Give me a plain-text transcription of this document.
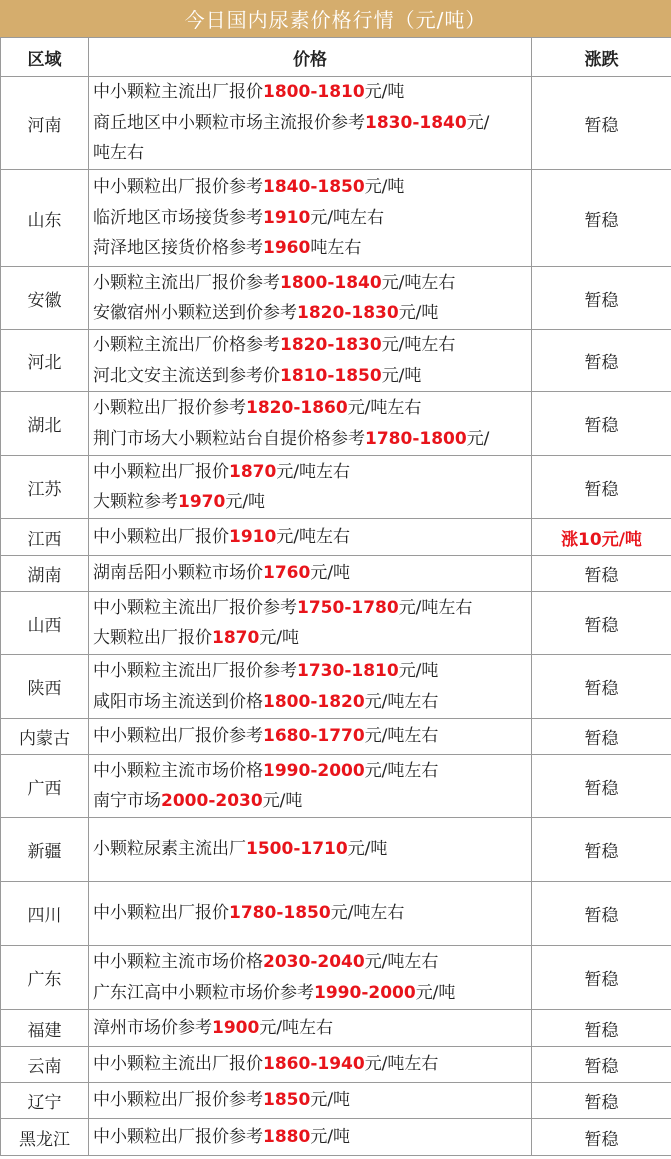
今日国内尿素价格行情（元/吨）
区域	价格	涨跌
河南	中小颗粒主流出厂报价1800-1810元/吨
商丘地区中小颗粒市场主流报价参考1830-1840元/
吨左右	暂稳
山东	中小颗粒出厂报价参考1840-1850元/吨
临沂地区市场接货参考1910元/吨左右
菏泽地区接货价格参考1960吨左右	暂稳
安徽	小颗粒主流出厂报价参考1800-1840元/吨左右
安徽宿州小颗粒送到价参考1820-1830元/吨	暂稳
河北	小颗粒主流出厂价格参考1820-1830元/吨左右
河北文安主流送到参考价1810-1850元/吨	暂稳
湖北	小颗粒出厂报价参考1820-1860元/吨左右
荆门市场大小颗粒站台自提价格参考1780-1800元/	暂稳
江苏	中小颗粒出厂报价1870元/吨左右
大颗粒参考1970元/吨	暂稳
江西	中小颗粒出厂报价1910元/吨左右	涨10元/吨
湖南	湖南岳阳小颗粒市场价1760元/吨	暂稳
山西	中小颗粒主流出厂报价参考1750-1780元/吨左右
大颗粒出厂报价1870元/吨	暂稳
陕西	中小颗粒主流出厂报价参考1730-1810元/吨
咸阳市场主流送到价格1800-1820元/吨左右	暂稳
内蒙古	中小颗粒出厂报价参考1680-1770元/吨左右	暂稳
广西	中小颗粒主流市场价格1990-2000元/吨左右
南宁市场2000-2030元/吨	暂稳
新疆	小颗粒尿素主流出厂1500-1710元/吨	暂稳
四川	中小颗粒出厂报价1780-1850元/吨左右	暂稳
广东	中小颗粒主流市场价格2030-2040元/吨左右
广东江高中小颗粒市场价参考1990-2000元/吨	暂稳
福建	漳州市场价参考1900元/吨左右	暂稳
云南	中小颗粒主流出厂报价1860-1940元/吨左右	暂稳
辽宁	中小颗粒出厂报价参考1850元/吨	暂稳
黑龙江	中小颗粒出厂报价参考1880元/吨	暂稳
